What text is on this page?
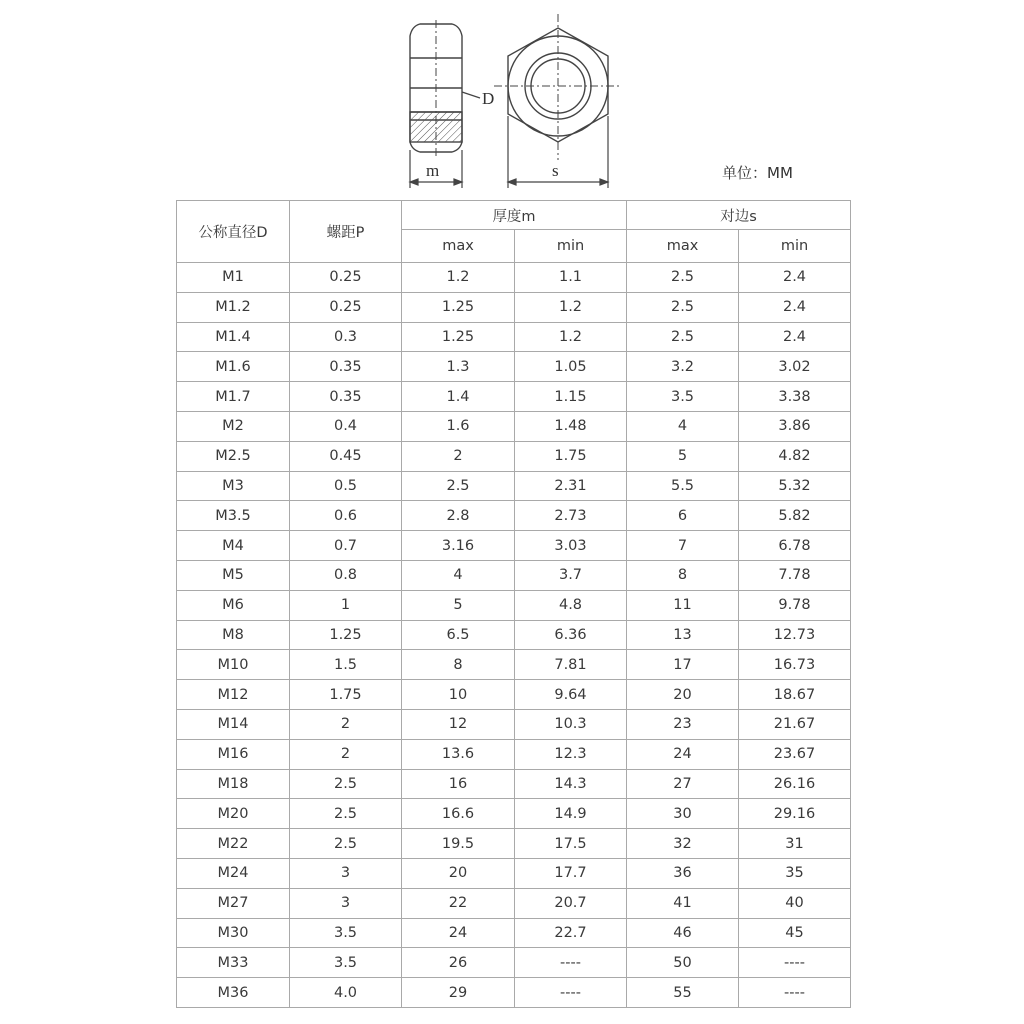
D
m	s	单位：MM
公称直径D	螺距P	厚度m		对边s	
		max	min	max	min
M1	0.25	1.2	1.1	2.5	2.4
M1.2	0.25	1.25	1.2	2.5	2.4
M1.4	0.3	1.25	1.2	2.5	2.4
M1.6	0.35	1.3	1.05	3.2	3.02
M1.7	0.35	1.4	1.15	3.5	3.38
M2	0.4	1.6	1.48	4	3.86
M2.5	0.45	2	1.75	5	4.82
M3	0.5	2.5	2.31	5.5	5.32
M3.5	0.6	2.8	2.73	6	5.82
M4	0.7	3.16	3.03	7	6.78
M5	0.8	4	3.7	8	7.78
M6	1	5	4.8	11	9.78
M8	1.25	6.5	6.36	13	12.73
M10	1.5	8	7.81	17	16.73
M12	1.75	10	9.64	20	18.67
M14	2	12	10.3	23	21.67
M16	2	13.6	12.3	24	23.67
M18	2.5	16	14.3	27	26.16
M20	2.5	16.6	14.9	30	29.16
M22	2.5	19.5	17.5	32	31
M24	3	20	17.7	36	35
M27	3	22	20.7	41	40
M30	3.5	24	22.7	46	45
M33	3.5	26	----	50	----
M36	4.0	29	----	55	----
